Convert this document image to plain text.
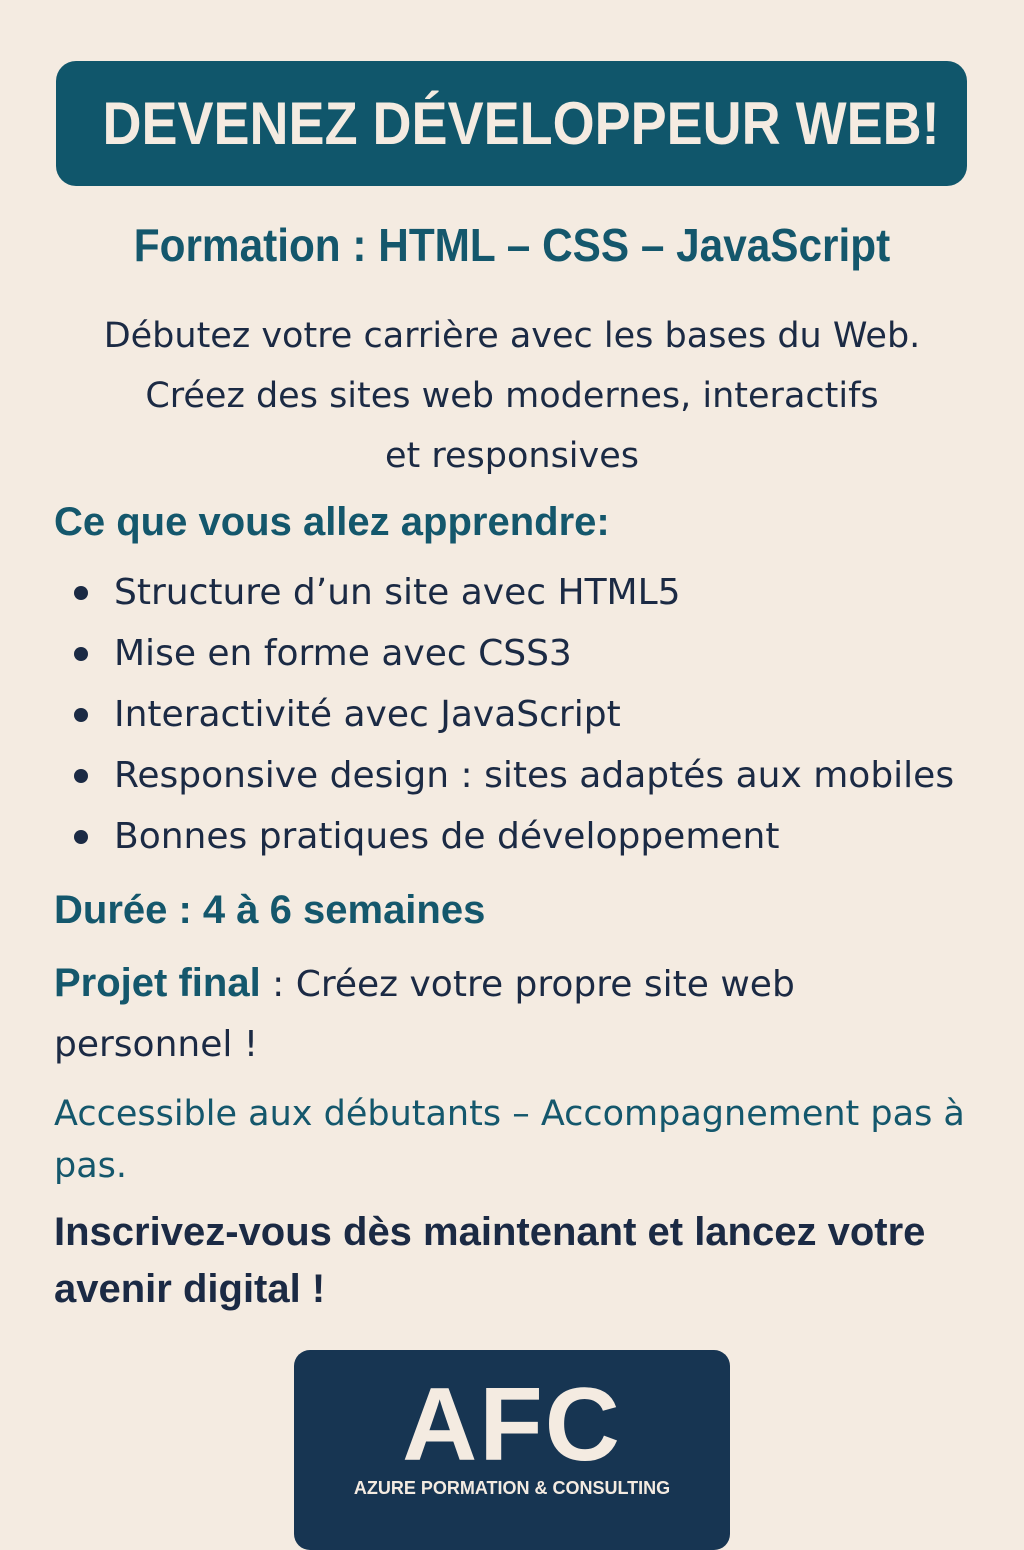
DEVENEZ DÉVELOPPEUR WEB!
Formation : HTML – CSS – JavaScript
Débutez votre carrière avec les bases du Web.
Créez des sites web modernes, interactifs
et responsives
Ce que vous allez apprendre:
Structure d’un site avec HTML5
Mise en forme avec CSS3
Interactivité avec JavaScript
Responsive design : sites adaptés aux mobiles
Bonnes pratiques de développement
Durée : 4 à 6 semaines
Projet final : Créez votre propre site web personnel !
Accessible aux débutants – Accompagnement pas à pas.
Inscrivez-vous dès maintenant et lancez votre avenir digital !
AFC
AZURE PORMATION & CONSULTING
